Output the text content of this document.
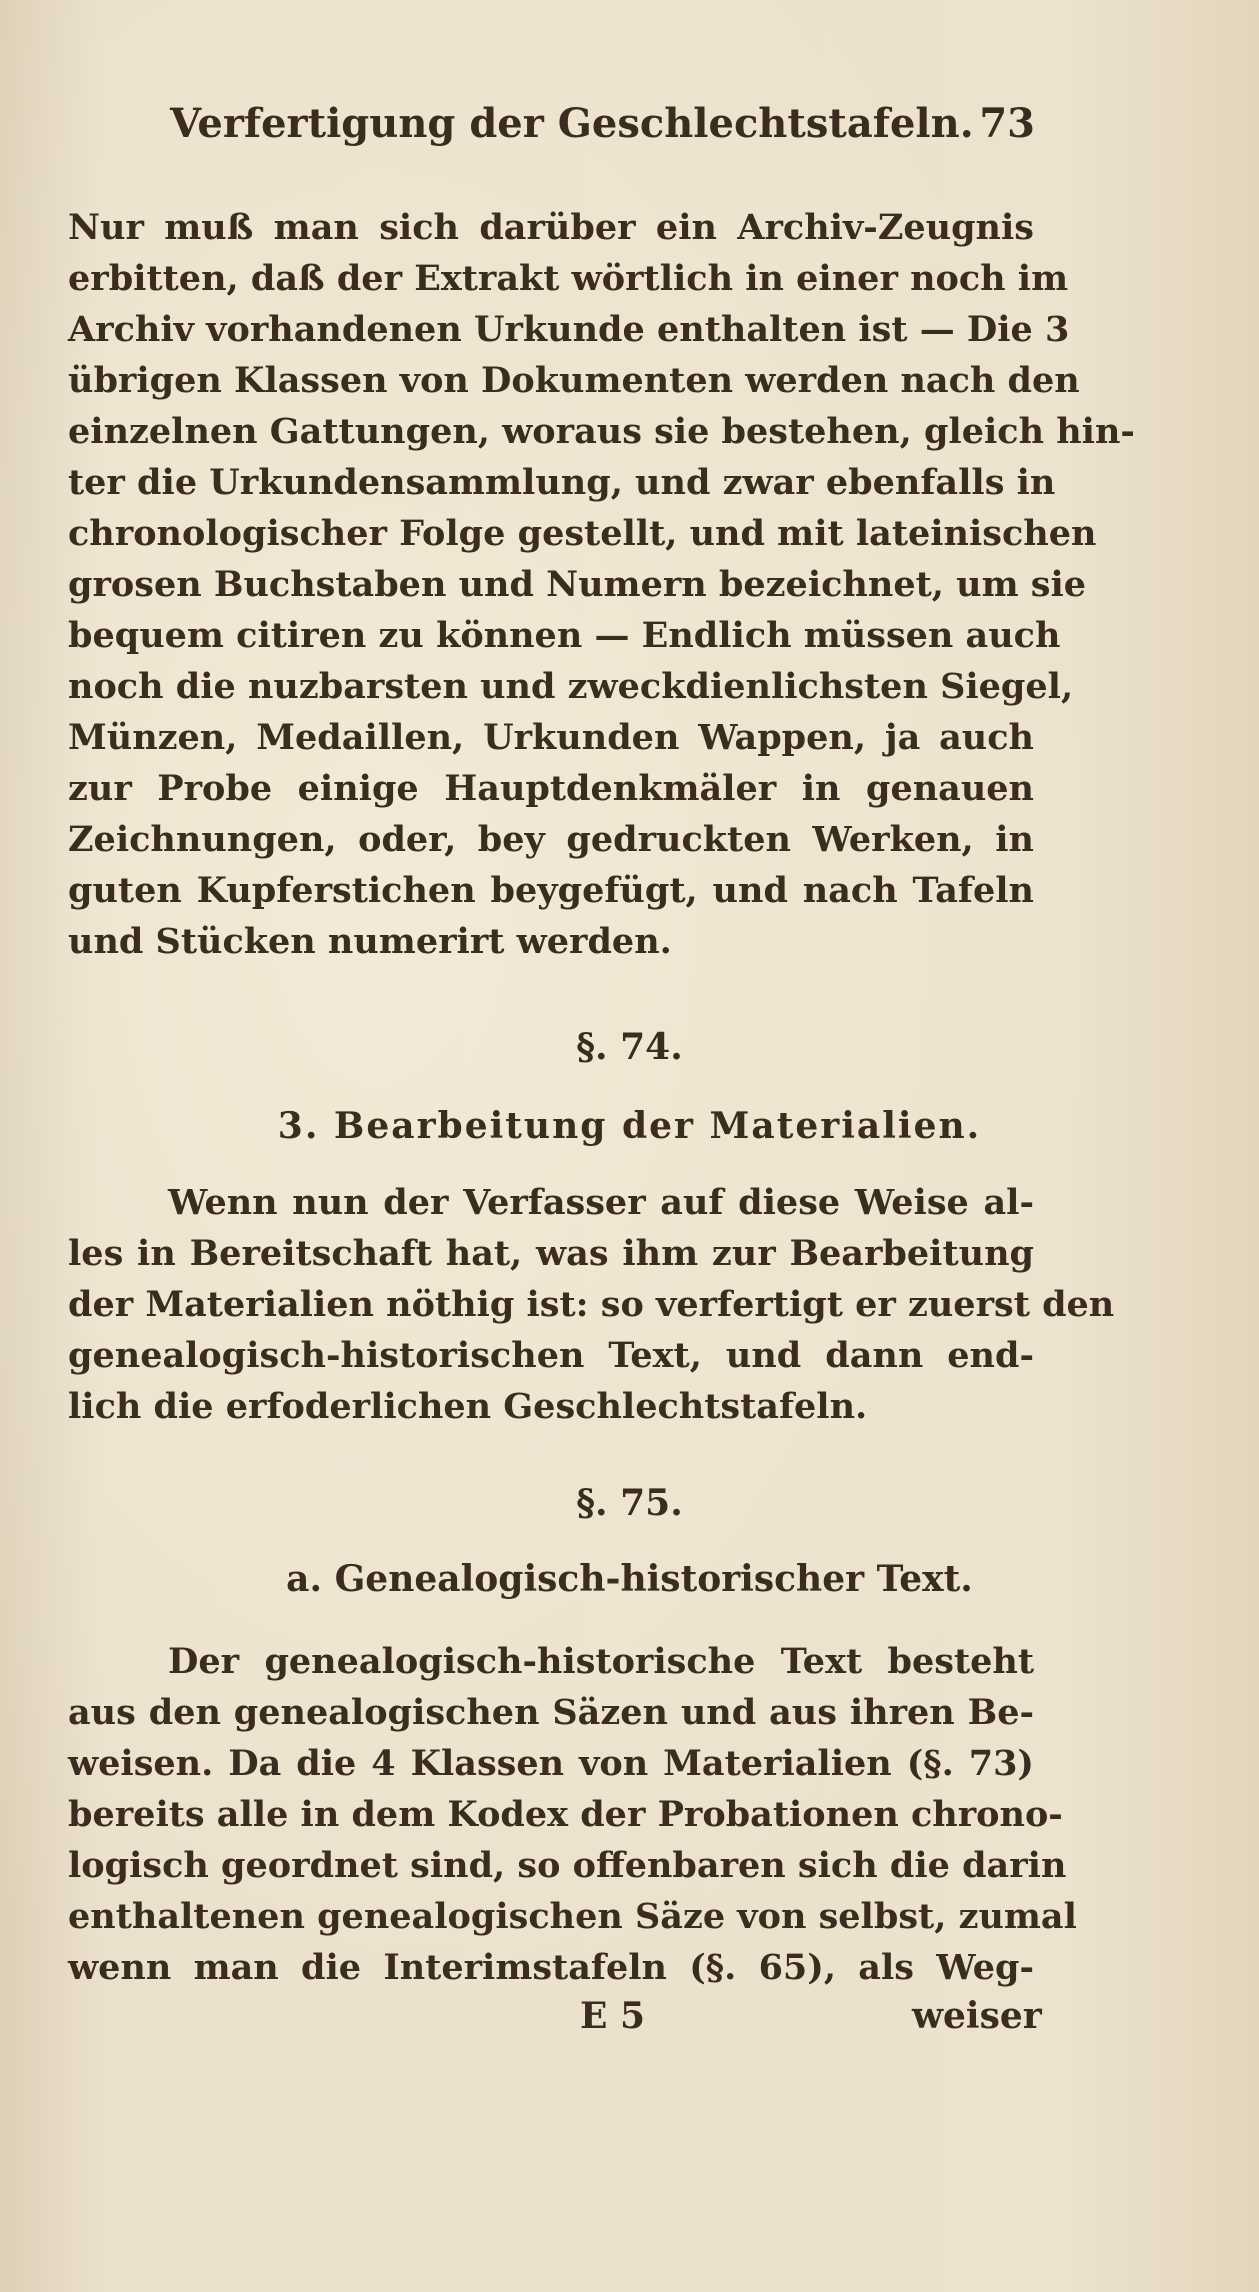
Verfertigung der Geschlechtstafeln. 73
Nur muß man sich darüber ein Archiv‑Zeugnis
erbitten, daß der Extrakt wörtlich in einer noch im
Archiv vorhandenen Urkunde enthalten ist — Die 3
übrigen Klassen von Dokumenten werden nach den
einzelnen Gattungen, woraus sie bestehen, gleich hin‑
ter die Urkundensammlung, und zwar ebenfalls in
chronologischer Folge gestellt, und mit lateinischen
grosen Buchstaben und Numern bezeichnet, um sie
bequem citiren zu können — Endlich müssen auch
noch die nuzbarsten und zweckdienlichsten Siegel,
Münzen, Medaillen, Urkunden Wappen, ja auch
zur Probe einige Hauptdenkmäler in genauen
Zeichnungen, oder, bey gedruckten Werken, in
guten Kupferstichen beygefügt, und nach Tafeln
und Stücken numerirt werden.
§. 74.
3. Bearbeitung der Materialien.
Wenn nun der Verfasser auf diese Weise al‑
les in Bereitschaft hat, was ihm zur Bearbeitung
der Materialien nöthig ist: so verfertigt er zuerst den
genealogisch‑historischen Text, und dann end‑
lich die erfoderlichen Geschlechtstafeln.
§. 75.
a. Genealogisch‑historischer Text.
Der genealogisch‑historische Text besteht
aus den genealogischen Säzen und aus ihren Be‑
weisen. Da die 4 Klassen von Materialien (§. 73)
bereits alle in dem Kodex der Probationen chrono‑
logisch geordnet sind, so offenbaren sich die darin
enthaltenen genealogischen Säze von selbst, zumal
wenn man die Interimstafeln (§. 65), als Weg‑
E 5	weiser
